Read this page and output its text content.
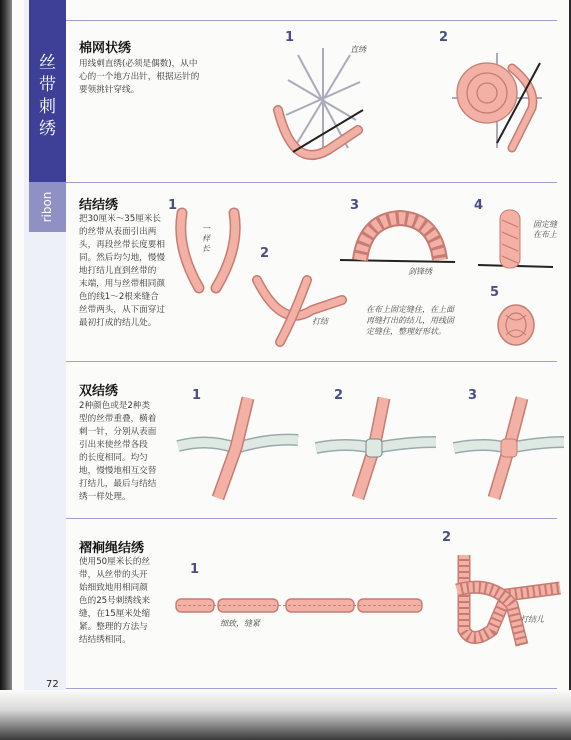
丝
带
刺
绣
ribon
棉网状绣
用线刺直绣(必须是偶数)，从中
心的一个地方出针，根据运针的
要领挑针穿线。
1	2
直绣
结结绣
把30厘米～35厘米长
的丝带从表面引出两
头，再段丝带长度要相
同。然后均匀地，慢慢
地打结儿直到丝带的
末端，用与丝带相同颜
色的线1～2根来缝合
丝带两头，从下面穿过
最初打成的结儿处。
1
2
3	4
5
一样长
打结
剑锋绣
固定缝
在布上
在布上固定缝住，在上面
再缝打出的结儿，用线固
定缝住，整理好形状。
双结绣
2种颜色或是2种类
型的丝带重叠，横着
刺一针，分别从表面
引出来使丝带各段
的长度相同。均匀
地，慢慢地相互交替
打结儿，最后与结结
绣一样处理。
1	2	3
褶裥绳结绣
使用50厘米长的丝
带，从丝带的头开
始细致地用相同颜
色的25号刺绣线来
缝，在15厘米处缩
紧。整理的方法与
结结绣相同。
1
2
细致，缝紧	打结儿
72
